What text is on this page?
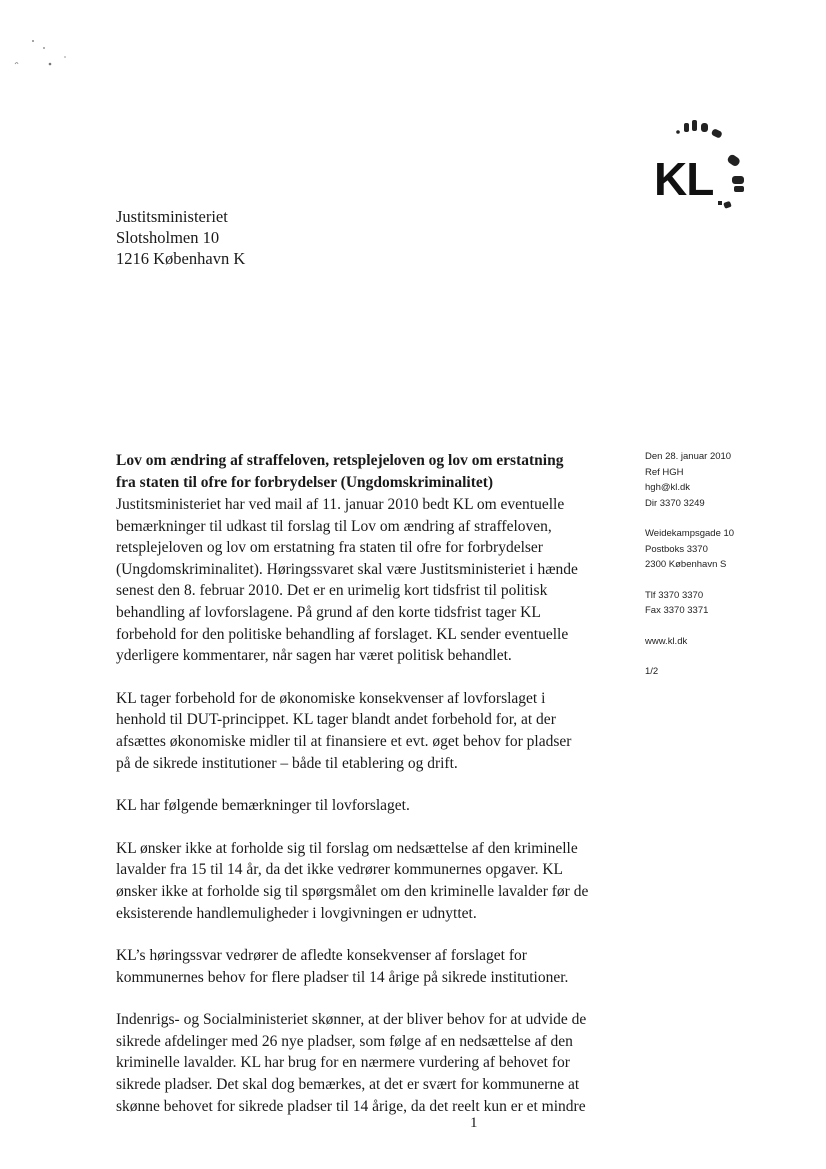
KL
Justitsministeriet
Slotsholmen 10
1216 København K
Den 28. januar 2010
Ref HGH
hgh@kl.dk
Dir 3370 3249
Weidekampsgade 10
Postboks 3370
2300 København S
Tlf 3370 3370
Fax 3370 3371
www.kl.dk
1/2
Lov om ændring af straffeloven, retsplejeloven og lov om erstatning
fra staten til ofre for forbrydelser (Ungdomskriminalitet)
Justitsministeriet har ved mail af 11. januar 2010 bedt KL om eventuelle
bemærkninger til udkast til forslag til Lov om ændring af straffeloven,
retsplejeloven og lov om erstatning fra staten til ofre for forbrydelser
(Ungdomskriminalitet). Høringssvaret skal være Justitsministeriet i hænde
senest den 8. februar 2010. Det er en urimelig kort tidsfrist til politisk
behandling af lovforslagene. På grund af den korte tidsfrist tager KL
forbehold for den politiske behandling af forslaget. KL sender eventuelle
yderligere kommentarer, når sagen har været politisk behandlet.
KL tager forbehold for de økonomiske konsekvenser af lovforslaget i
henhold til DUT-princippet. KL tager blandt andet forbehold for, at der
afsættes økonomiske midler til at finansiere et evt. øget behov for pladser
på de sikrede institutioner – både til etablering og drift.
KL har følgende bemærkninger til lovforslaget.
KL ønsker ikke at forholde sig til forslag om nedsættelse af den kriminelle
lavalder fra 15 til 14 år, da det ikke vedrører kommunernes opgaver. KL
ønsker ikke at forholde sig til spørgsmålet om den kriminelle lavalder før de
eksisterende handlemuligheder i lovgivningen er udnyttet.
KL’s høringssvar vedrører de afledte konsekvenser af forslaget for
kommunernes behov for flere pladser til 14 årige på sikrede institutioner.
Indenrigs- og Socialministeriet skønner, at der bliver behov for at udvide de
sikrede afdelinger med 26 nye pladser, som følge af en nedsættelse af den
kriminelle lavalder. KL har brug for en nærmere vurdering af behovet for
sikrede pladser. Det skal dog bemærkes, at det er svært for kommunerne at
skønne behovet for sikrede pladser til 14 årige, da det reelt kun er et mindre
1
